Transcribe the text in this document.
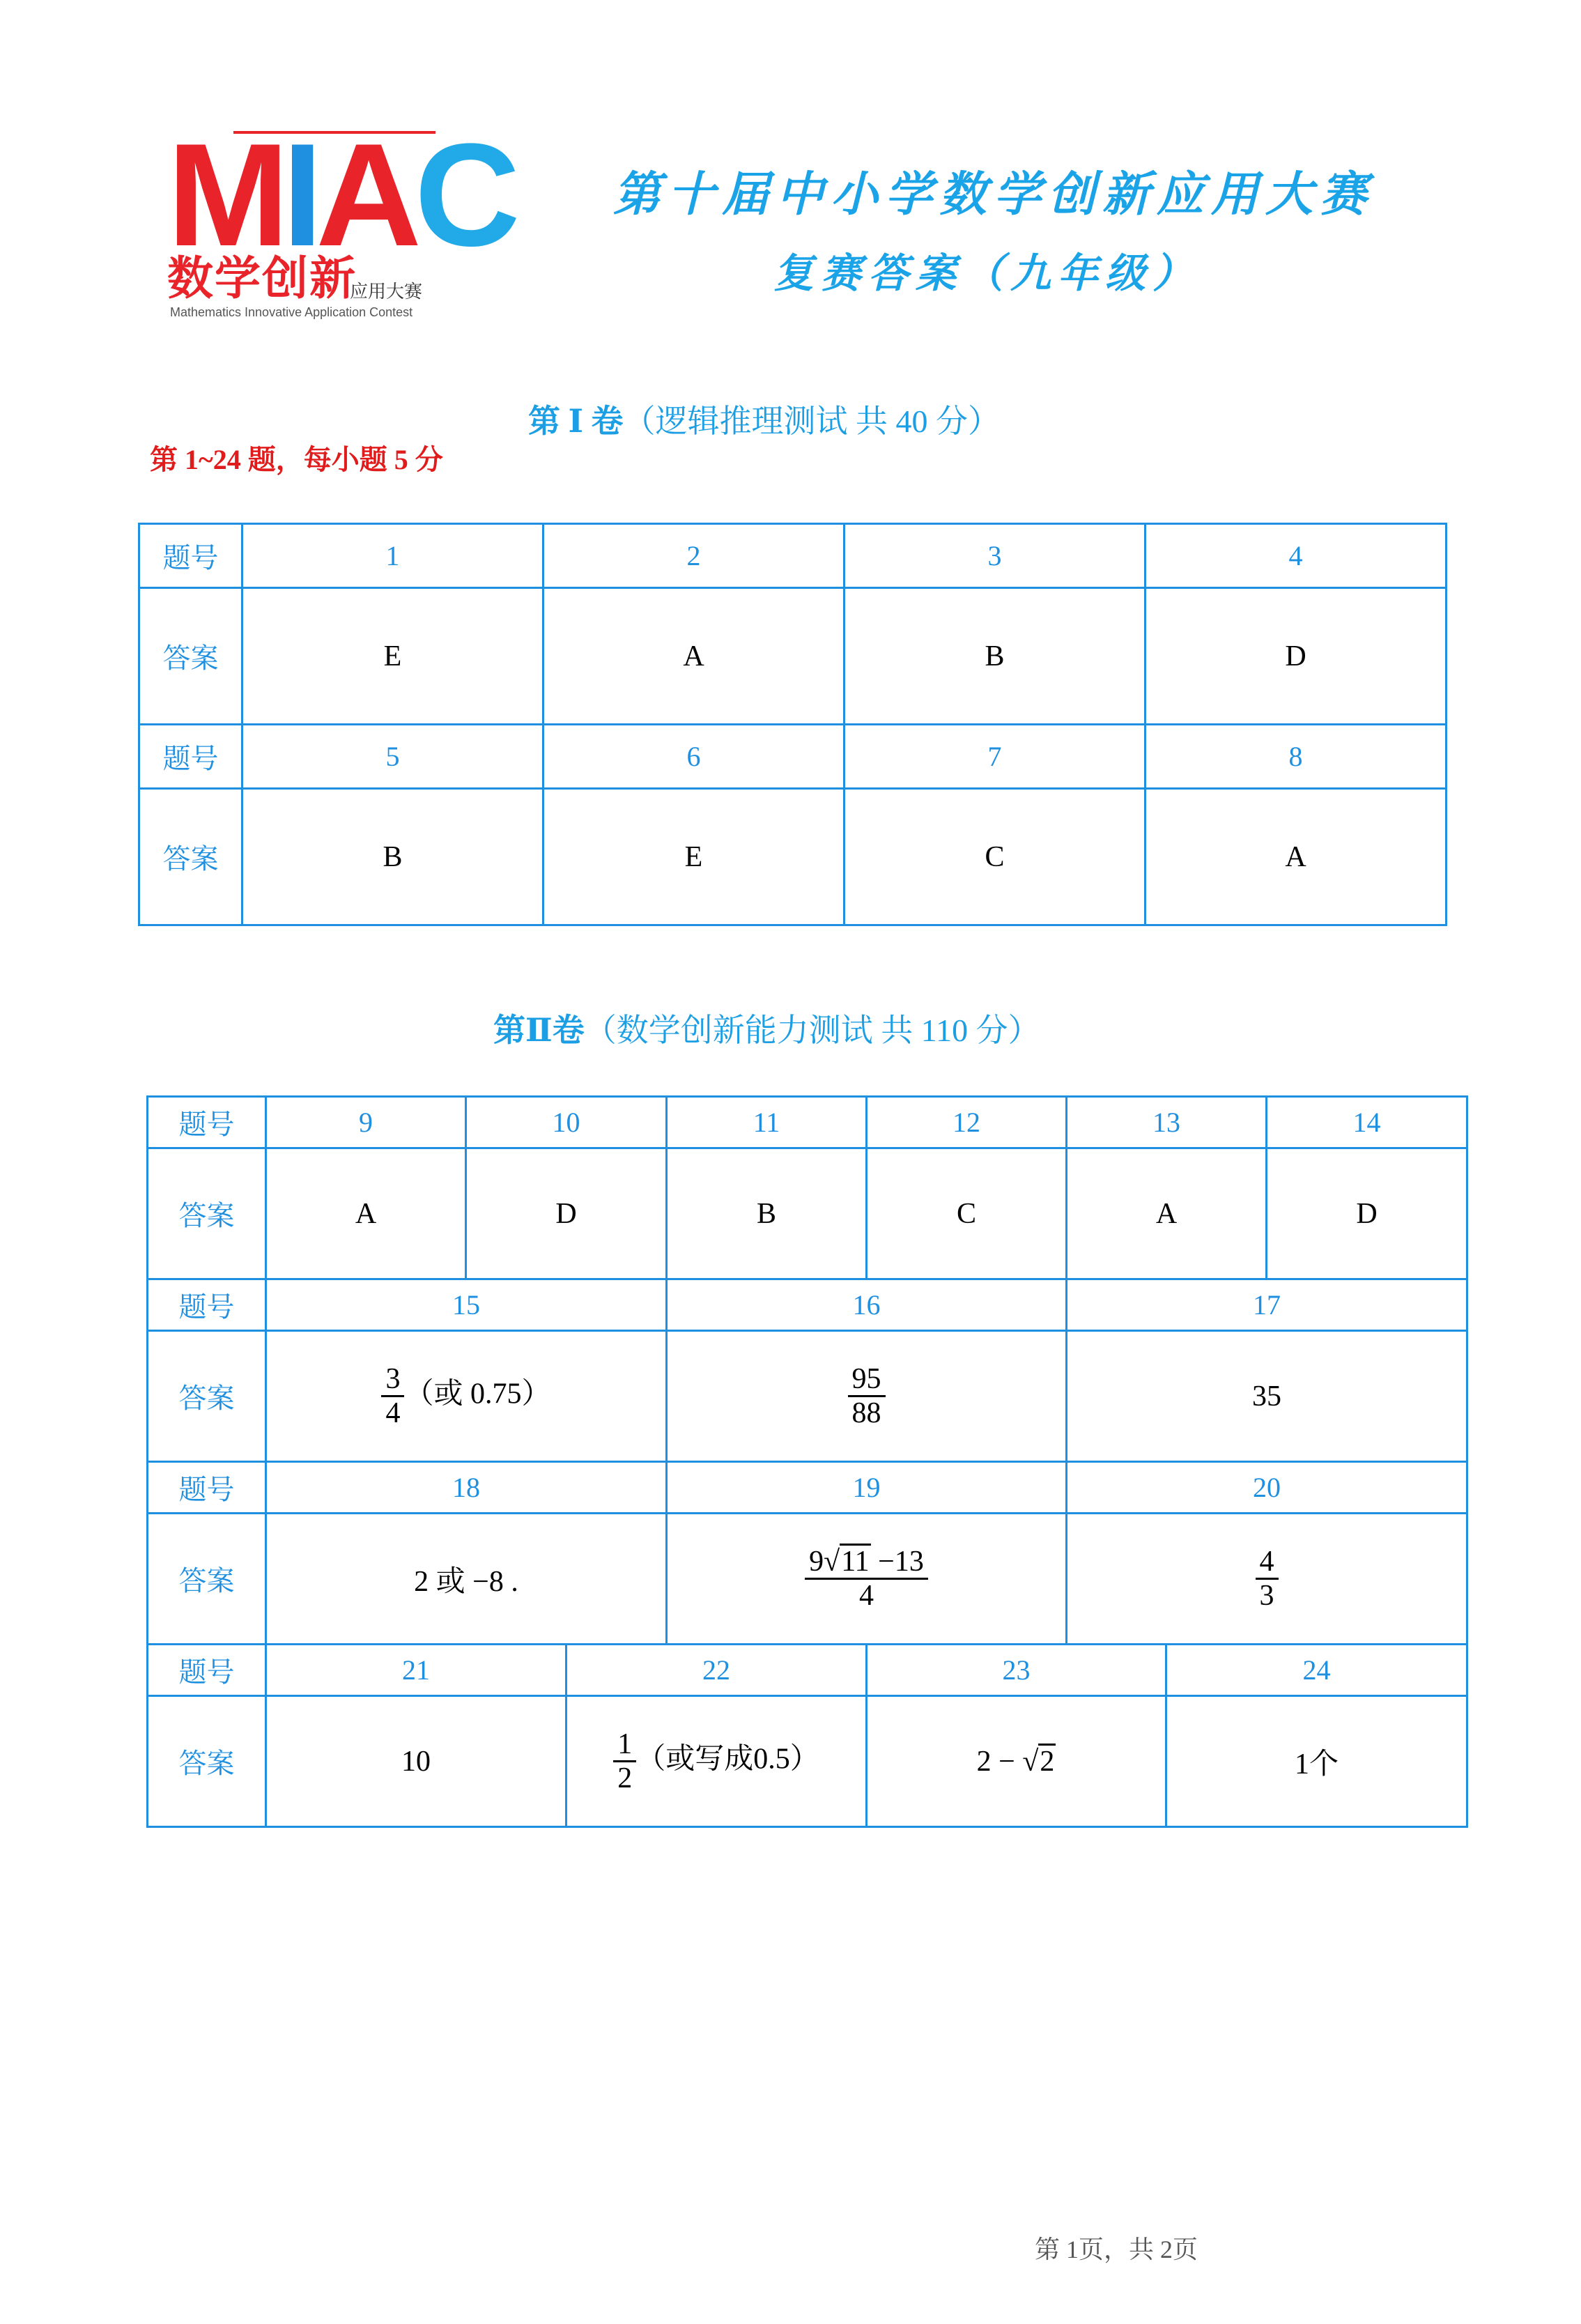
MIAC
数学创新
应用大赛
Mathematics Innovative Application Contest
第十届中小学数学创新应用大赛
复赛答案（九年级）
第 Ⅰ 卷（逻辑推理测试 共 40 分）
第 1~24 题，每小题 5 分
题号	1	2	3	4
答案	E	A	B	D
题号	5	6	7	8
答案	B	E	C	A
第Ⅱ卷（数学创新能力测试 共 110 分）
题号	9	10		11	12	13		14
答案	A	D		B	C	A		D
题号	15			16		17		
答案	$\frac{3}{4}$ （或 0.75）			$\frac{95}{88}$		35		
题号	18			19		20		
答案	2 或 −8 .			$\frac{9√11 -13}{4}$		$\frac{4}{3}$

题号	21		22		23		24	
答案	10		$\frac{1}{2}$ （或写成0.5）		2 − √2		1个	
第 1页，共 2页
